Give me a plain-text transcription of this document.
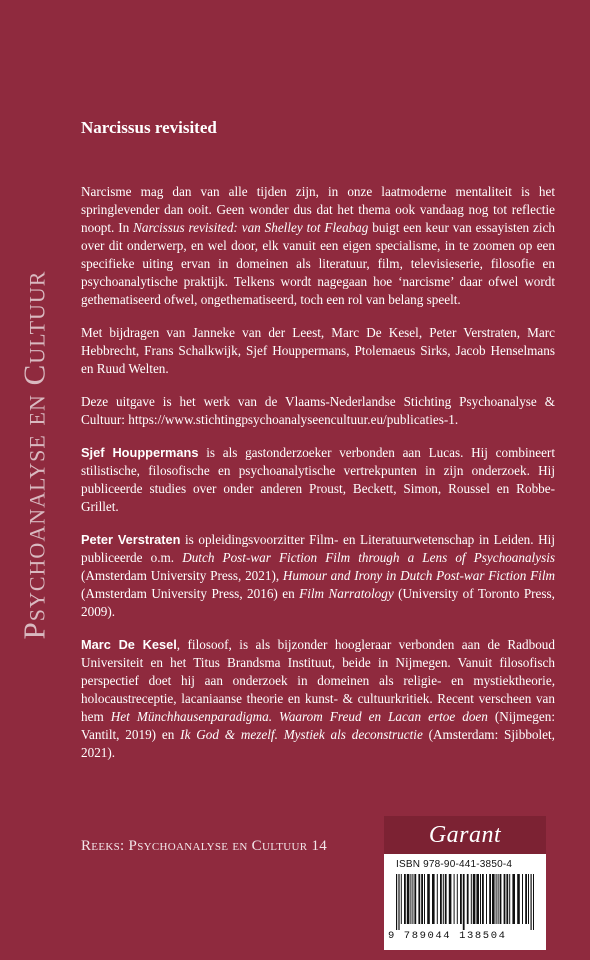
Psychoanalyse en Cultuur
Narcissus revisited

Narcisme mag dan van alle tijden zijn, in onze laatmoderne mentaliteit is het springlevender dan ooit. Geen wonder dus dat het thema ook vandaag nog tot reflectie noopt. In Narcissus revisited: van Shelley tot Fleabag buigt een keur van essayisten zich over dit onderwerp, en wel door, elk vanuit een eigen specialisme, in te zoomen op een specifieke uiting ervan in domeinen als literatuur, film, televisieserie, filosofie en psychoanalytische praktijk. Telkens wordt nagegaan hoe ‘narcisme’ daar ofwel wordt gethematiseerd ofwel, ongethematiseerd, toch een rol van belang speelt.

Met bijdragen van Janneke van der Leest, Marc De Kesel, Peter Verstraten, Marc Hebbrecht, Frans Schalkwijk, Sjef Houppermans, Ptolemaeus Sirks, Jacob Henselmans en Ruud Welten.

Deze uitgave is het werk van de Vlaams-Nederlandse Stichting Psychoanalyse & Cultuur: https://www.stichtingpsychoanalyseencultuur.eu/publicaties-1.

Sjef Houppermans is als gastonderzoeker verbonden aan Lucas. Hij combineert stilistische, filosofische en psychoanalytische vertrekpunten in zijn onderzoek. Hij publiceerde studies over onder anderen Proust, Beckett, Simon, Roussel en Robbe-Grillet.

Peter Verstraten is opleidingsvoorzitter Film- en Literatuurwetenschap in Leiden. Hij publiceerde o.m. Dutch Post-war Fiction Film through a Lens of Psychoanalysis (Amsterdam University Press, 2021), Humour and Irony in Dutch Post-war Fiction Film (Amsterdam University Press, 2016) en Film Narratology (University of Toronto Press, 2009).

Marc De Kesel, filosoof, is als bijzonder hoogleraar verbonden aan de Radboud Universiteit en het Titus Brandsma Instituut, beide in Nijmegen. Vanuit filosofisch perspectief doet hij aan onderzoek in domeinen als religie- en mystiektheorie, holocaustreceptie, lacaniaanse theorie en kunst- & cultuurkritiek. Recent verscheen van hem Het Münchhausenparadigma. Waarom Freud en Lacan ertoe doen (Nijmegen: Vantilt, 2019) en Ik God & mezelf. Mystiek als deconstructie (Amsterdam: Sjibbolet, 2021).

Reeks: Psychoanalyse en Cultuur 14	Garant
ISBN 978-90-441-3850-4
9 789044 138504
